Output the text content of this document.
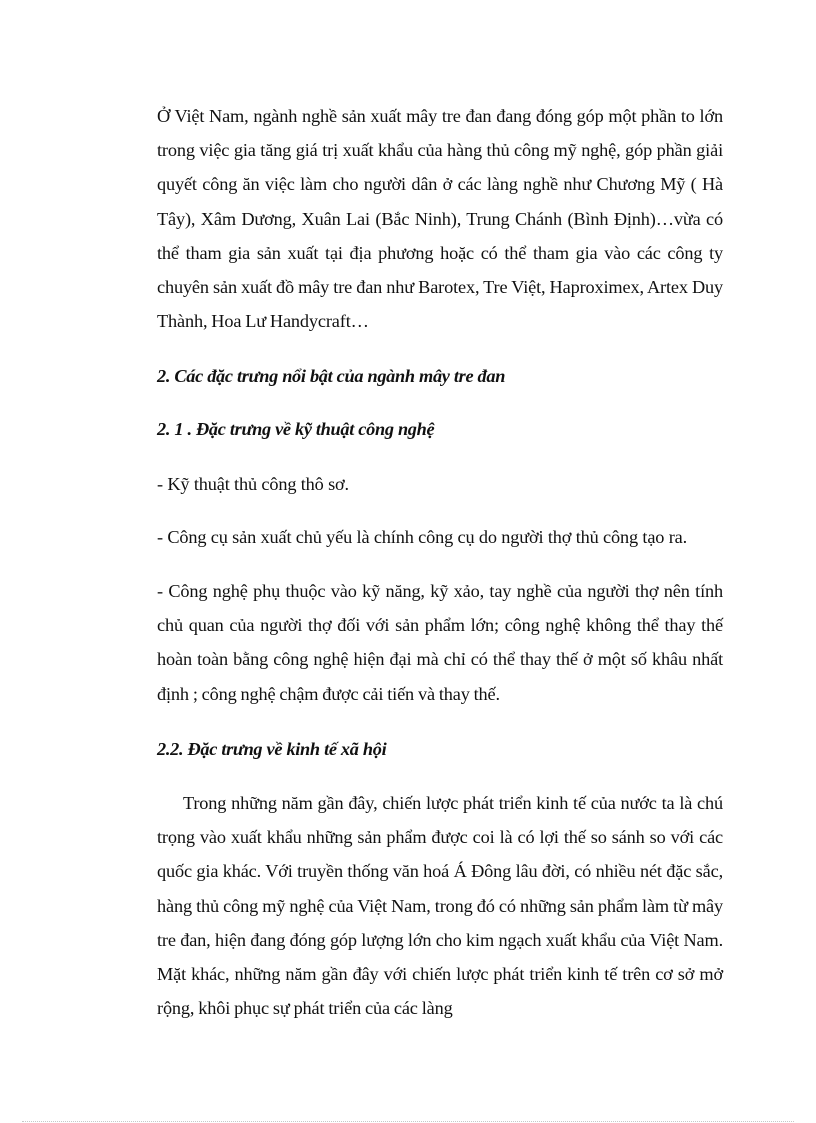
Ở Việt Nam, ngành nghề sản xuất mây tre đan đang đóng góp một phần to lớn trong việc gia tăng giá trị xuất khẩu của hàng thủ công mỹ nghệ, góp phần giải quyết công ăn việc làm cho người dân ở các làng nghề như Chương Mỹ ( Hà Tây), Xâm Dương, Xuân Lai (Bắc Ninh), Trung Chánh (Bình Định)…vừa có thể tham gia sản xuất tại địa phương hoặc có thể tham gia vào các công ty chuyên sản xuất đồ mây tre đan như Barotex, Tre Việt, Haproximex, Artex Duy Thành, Hoa Lư Handycraft…

2. Các đặc trưng nổi bật của ngành mây tre đan

2. 1 . Đặc trưng về kỹ thuật công nghệ

- Kỹ thuật thủ công thô sơ.

- Công cụ sản xuất chủ yếu là chính công cụ do người thợ thủ công tạo ra.

- Công nghệ phụ thuộc vào kỹ năng, kỹ xảo, tay nghề của người thợ nên tính chủ quan của người thợ đối với sản phẩm lớn; công nghệ không thể thay thế hoàn toàn bằng công nghệ hiện đại mà chỉ có thể thay thế ở một số khâu nhất định ; công nghệ chậm được cải tiến và thay thế.

2.2. Đặc trưng về kinh tế xã hội

Trong những năm gần đây, chiến lược phát triển kinh tế của nước ta là chú trọng vào xuất khẩu những sản phẩm được coi là có lợi thế so sánh so với các quốc gia khác. Với truyền thống văn hoá Á Đông lâu đời, có nhiều nét đặc sắc, hàng thủ công mỹ nghệ của Việt Nam, trong đó có những sản phẩm làm từ mây tre đan, hiện đang đóng góp lượng lớn cho kim ngạch xuất khẩu của Việt Nam. Mặt khác, những năm gần đây với chiến lược phát triển kinh tế trên cơ sở mở rộng, khôi phục sự phát triển của các làng
